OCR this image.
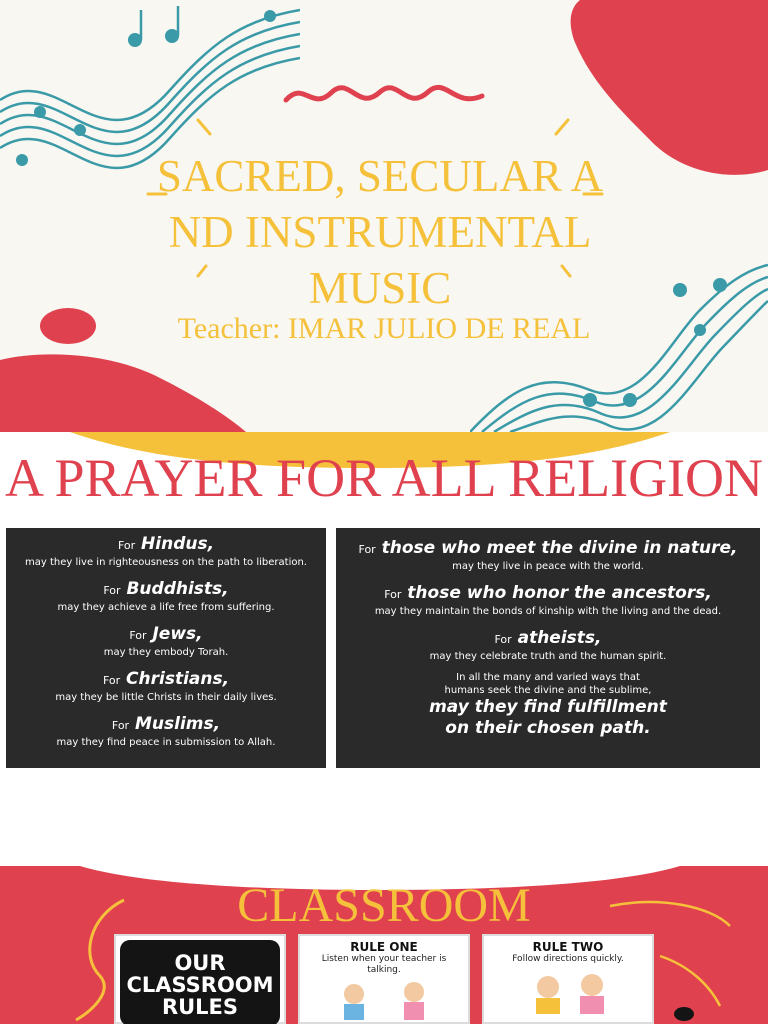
SACRED, SECULAR AND INSTRUMENTAL MUSIC

Teacher: IMAR JULIO DE REAL

A PRAYER FOR ALL RELIGION
For Hindus,
may they live in righteousness on the path to liberation.
For Buddhists,
may they achieve a life free from suffering.
For Jews,
may they embody Torah.
For Christians,
may they be little Christs in their daily lives.
For Muslims,
may they find peace in submission to Allah.
For those who meet the divine in nature,
may they live in peace with the world.
For those who honor the ancestors,
may they maintain the bonds of kinship with the living and the dead.
For atheists,
may they celebrate truth and the human spirit.
In all the many and varied ways that
humans seek the divine and the sublime,
may they find fulfillment
on their chosen path.
CLASSROOM
OUR
CLASSROOM
RULES
RULE ONE
Listen when your teacher is talking.
RULE TWO
Follow directions quickly.
